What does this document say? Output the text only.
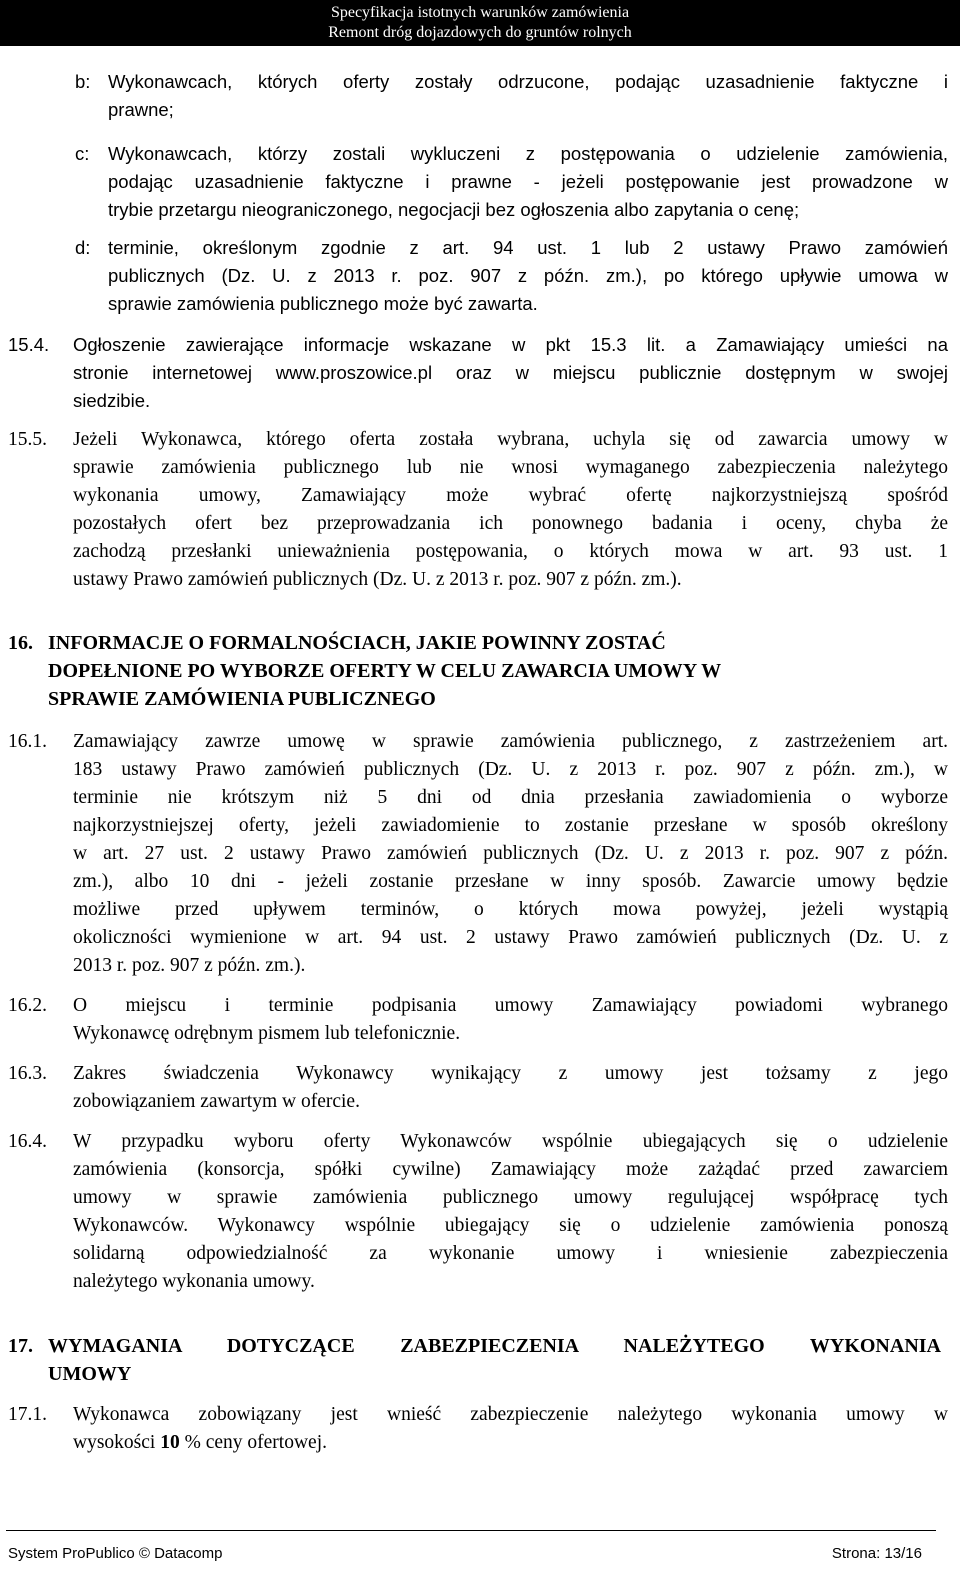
Specyfikacja istotnych warunków zamówienia
Remont dróg dojazdowych do gruntów rolnych
b: Wykonawcach, których oferty zostały odrzucone, podając uzasadnienie faktyczne i
prawne;
c: Wykonawcach, którzy zostali wykluczeni z postępowania o udzielenie zamówienia,
podając uzasadnienie faktyczne i prawne - jeżeli postępowanie jest prowadzone w
trybie przetargu nieograniczonego, negocjacji bez ogłoszenia albo zapytania o cenę;
d: terminie, określonym zgodnie z art. 94 ust. 1 lub 2 ustawy Prawo zamówień
publicznych (Dz. U. z 2013 r. poz. 907 z późn. zm.), po którego upływie umowa w
sprawie zamówienia publicznego może być zawarta.
15.4. Ogłoszenie zawierające informacje wskazane w pkt 15.3 lit. a Zamawiający umieści na
stronie internetowej www.proszowice.pl oraz w miejscu publicznie dostępnym w swojej
siedzibie.
15.5. Jeżeli Wykonawca, którego oferta została wybrana, uchyla się od zawarcia umowy w
sprawie zamówienia publicznego lub nie wnosi wymaganego zabezpieczenia należytego
wykonania umowy, Zamawiający może wybrać ofertę najkorzystniejszą spośród
pozostałych ofert bez przeprowadzania ich ponownego badania i oceny, chyba że
zachodzą przesłanki unieważnienia postępowania, o których mowa w art. 93 ust. 1
ustawy Prawo zamówień publicznych (Dz. U. z 2013 r. poz. 907 z późn. zm.).
16. INFORMACJE O FORMALNOŚCIACH, JAKIE POWINNY ZOSTAĆ
DOPEŁNIONE PO WYBORZE OFERTY W CELU ZAWARCIA UMOWY W
SPRAWIE ZAMÓWIENIA PUBLICZNEGO
16.1. Zamawiający zawrze umowę w sprawie zamówienia publicznego, z zastrzeżeniem art.
183 ustawy Prawo zamówień publicznych (Dz. U. z 2013 r. poz. 907 z późn. zm.), w
terminie nie krótszym niż 5 dni od dnia przesłania zawiadomienia o wyborze
najkorzystniejszej oferty, jeżeli zawiadomienie to zostanie przesłane w sposób określony
w art. 27 ust. 2 ustawy Prawo zamówień publicznych (Dz. U. z 2013 r. poz. 907 z późn.
zm.), albo 10 dni - jeżeli zostanie przesłane w inny sposób. Zawarcie umowy będzie
możliwe przed upływem terminów, o których mowa powyżej, jeżeli wystąpią
okoliczności wymienione w art. 94 ust. 2 ustawy Prawo zamówień publicznych (Dz. U. z
2013 r. poz. 907 z późn. zm.).
16.2. O miejscu i terminie podpisania umowy Zamawiający powiadomi wybranego
Wykonawcę odrębnym pismem lub telefonicznie.
16.3. Zakres świadczenia Wykonawcy wynikający z umowy jest tożsamy z jego
zobowiązaniem zawartym w ofercie.
16.4. W przypadku wyboru oferty Wykonawców wspólnie ubiegających się o udzielenie
zamówienia (konsorcja, spółki cywilne) Zamawiający może zażądać przed zawarciem
umowy w sprawie zamówienia publicznego umowy regulującej współpracę tych
Wykonawców. Wykonawcy wspólnie ubiegający się o udzielenie zamówienia ponoszą
solidarną odpowiedzialność za wykonanie umowy i wniesienie zabezpieczenia
należytego wykonania umowy.
17. WYMAGANIA DOTYCZĄCE ZABEZPIECZENIA NALEŻYTEGO WYKONANIA
UMOWY
17.1. Wykonawca zobowiązany jest wnieść zabezpieczenie należytego wykonania umowy w
wysokości 10 % ceny ofertowej.
System ProPublico © Datacomp	Strona: 13/16
